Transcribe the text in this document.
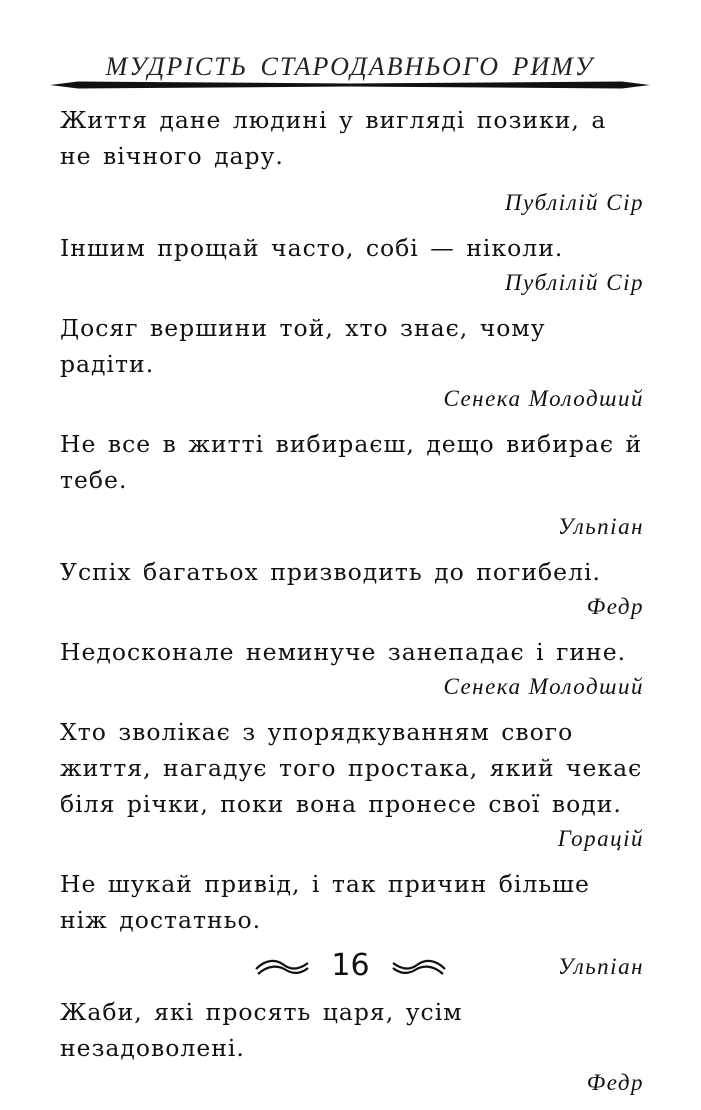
МУДРІСТЬ СТАРОДАВНЬОГО РИМУ

Життя дане людині у вигляді позики, а не вічного дару.

Публілій Сір

Іншим прощай часто, собі — ніколи.

Публілій Сір

Досяг вершини той, хто знає, чому радіти.

Сенека Молодший

Не все в житті вибираєш, дещо вибирає й тебе.

Ульпіан

Успіх багатьох призводить до погибелі.

Федр

Недосконале неминуче занепадає і гине.

Сенека Молодший

Хто зволікає з упорядкуванням свого життя, нагадує того простака, який чекає біля річки, поки вона пронесе свої води.

Горацій

Не шукай привід, і так причин більше ніж достатньо.

Ульпіан

Жаби, які просять царя, усім незадоволені.

Федр

16
